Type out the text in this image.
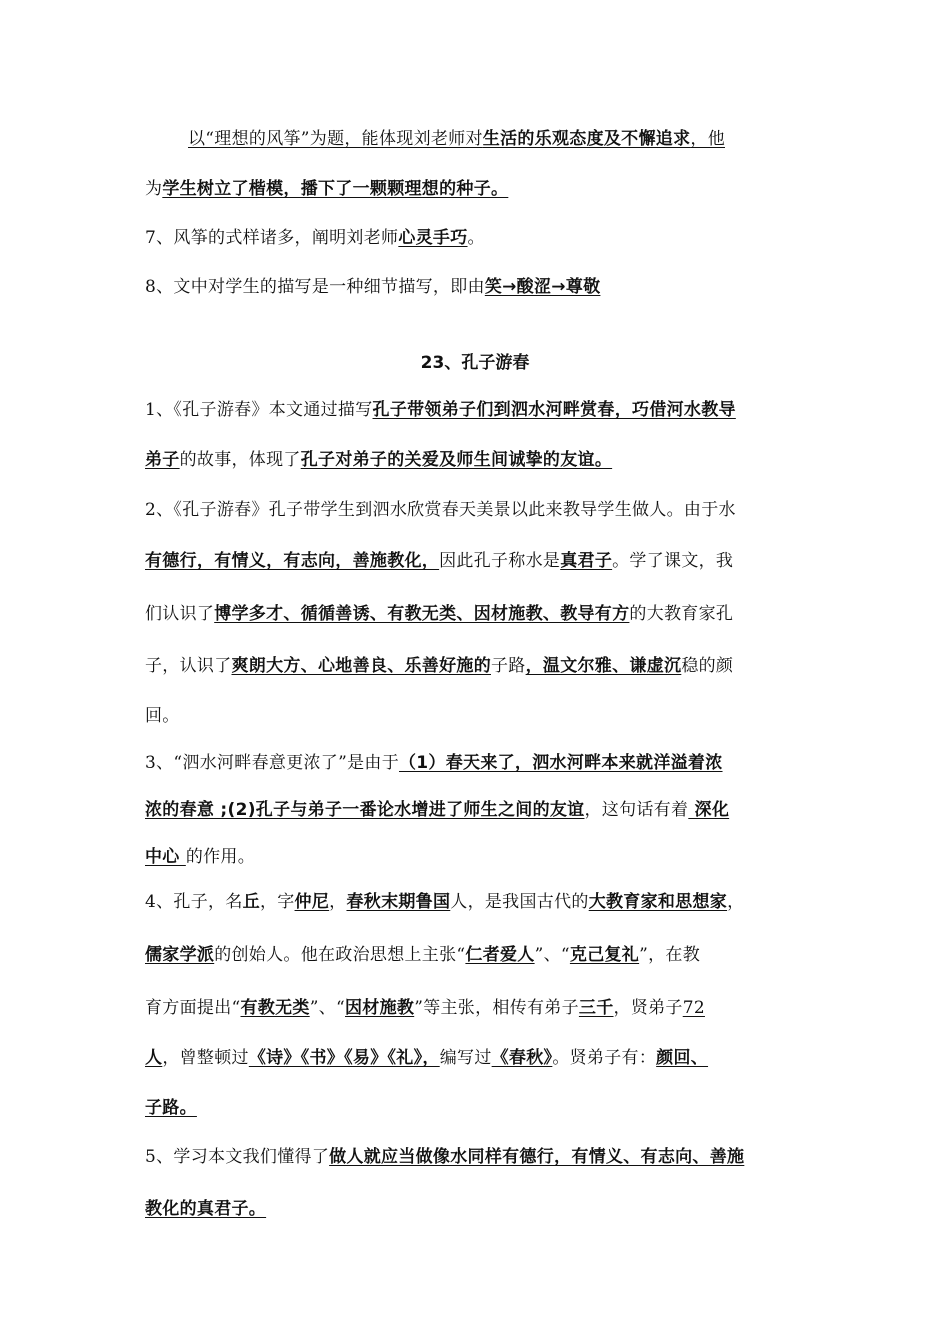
以“理想的风筝”为题，能体现刘老师对生活的乐观态度及不懈追求，他
为学生树立了楷模，播下了一颗颗理想的种子。
7、风筝的式样诸多，阐明刘老师心灵手巧。
8、文中对学生的描写是一种细节描写，即由笑→酸涩→尊敬
23、孔子游春
1、《孔子游春》本文通过描写孔子带领弟子们到泗水河畔赏春，巧借河水教导
弟子的故事，体现了孔子对弟子的关爱及师生间诚挚的友谊。
2、《孔子游春》孔子带学生到泗水欣赏春天美景以此来教导学生做人。由于水
有德行，有情义，有志向，善施教化，因此孔子称水是真君子。学了课文，我
们认识了博学多才、循循善诱、有教无类、因材施教、教导有方的大教育家孔
子，认识了爽朗大方、心地善良、乐善好施的子路，温文尔雅、谦虚沉稳的颜
回。
3、“泗水河畔春意更浓了”是由于（1）春天来了，泗水河畔本来就洋溢着浓
浓的春意 ;(2)孔子与弟子一番论水增进了师生之间的友谊，这句话有着 深化
中心 的作用。
4、孔子，名丘，字仲尼，春秋末期鲁国人，是我国古代的大教育家和思想家，
儒家学派的创始人。他在政治思想上主张“仁者爱人”、“克己复礼”，在教
育方面提出“有教无类”、“因材施教”等主张，相传有弟子三千，贤弟子72
人，曾整顿过《诗》《书》《易》《礼》，编写过《春秋》。贤弟子有：颜回、
子路。
5、学习本文我们懂得了做人就应当做像水同样有德行，有情义、有志向、善施
教化的真君子。
